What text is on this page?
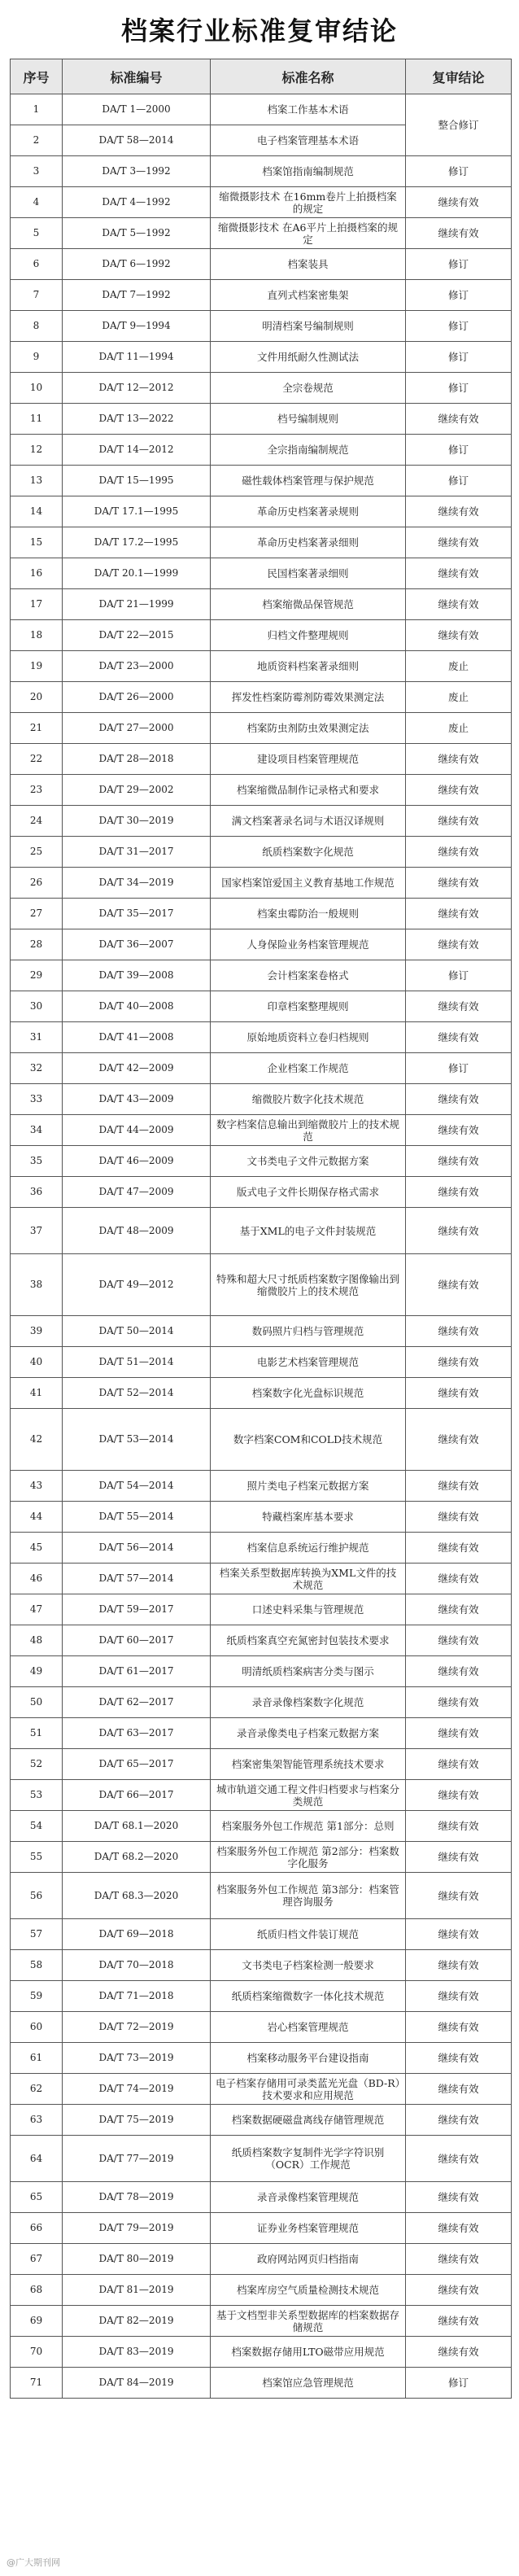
档案行业标准复审结论
序号	标准编号	标准名称	复审结论
1	DA/T 1—2000	档案工作基本术语	整合修订
2	DA/T 58—2014	电子档案管理基本术语	
3	DA/T 3—1992	档案馆指南编制规范	修订
4	DA/T 4—1992	缩微摄影技术 在16mm卷片上拍摄档案的规定	继续有效
5	DA/T 5—1992	缩微摄影技术 在A6平片上拍摄档案的规定	继续有效
6	DA/T 6—1992	档案装具	修订
7	DA/T 7—1992	直列式档案密集架	修订
8	DA/T 9—1994	明清档案号编制规则	修订
9	DA/T 11—1994	文件用纸耐久性测试法	修订
10	DA/T 12—2012	全宗卷规范	修订
11	DA/T 13—2022	档号编制规则	继续有效
12	DA/T 14—2012	全宗指南编制规范	修订
13	DA/T 15—1995	磁性载体档案管理与保护规范	修订
14	DA/T 17.1—1995	革命历史档案著录规则	继续有效
15	DA/T 17.2—1995	革命历史档案著录细则	继续有效
16	DA/T 20.1—1999	民国档案著录细则	继续有效
17	DA/T 21—1999	档案缩微品保管规范	继续有效
18	DA/T 22—2015	归档文件整理规则	继续有效
19	DA/T 23—2000	地质资料档案著录细则	废止
20	DA/T 26—2000	挥发性档案防霉剂防霉效果测定法	废止
21	DA/T 27—2000	档案防虫剂防虫效果测定法	废止
22	DA/T 28—2018	建设项目档案管理规范	继续有效
23	DA/T 29—2002	档案缩微品制作记录格式和要求	继续有效
24	DA/T 30—2019	满文档案著录名词与术语汉译规则	继续有效
25	DA/T 31—2017	纸质档案数字化规范	继续有效
26	DA/T 34—2019	国家档案馆爱国主义教育基地工作规范	继续有效
27	DA/T 35—2017	档案虫霉防治一般规则	继续有效
28	DA/T 36—2007	人身保险业务档案管理规范	继续有效
29	DA/T 39—2008	会计档案案卷格式	修订
30	DA/T 40—2008	印章档案整理规则	继续有效
31	DA/T 41—2008	原始地质资料立卷归档规则	继续有效
32	DA/T 42—2009	企业档案工作规范	修订
33	DA/T 43—2009	缩微胶片数字化技术规范	继续有效
34	DA/T 44—2009	数字档案信息输出到缩微胶片上的技术规范	继续有效
35	DA/T 46—2009	文书类电子文件元数据方案	继续有效
36	DA/T 47—2009	版式电子文件长期保存格式需求	继续有效
37	DA/T 48—2009	基于XML的电子文件封装规范	继续有效
38	DA/T 49—2012	特殊和超大尺寸纸质档案数字图像输出到缩微胶片上的技术规范	继续有效
39	DA/T 50—2014	数码照片归档与管理规范	继续有效
40	DA/T 51—2014	电影艺术档案管理规范	继续有效
41	DA/T 52—2014	档案数字化光盘标识规范	继续有效
42	DA/T 53—2014	数字档案COM和COLD技术规范	继续有效
43	DA/T 54—2014	照片类电子档案元数据方案	继续有效
44	DA/T 55—2014	特藏档案库基本要求	继续有效
45	DA/T 56—2014	档案信息系统运行维护规范	继续有效
46	DA/T 57—2014	档案关系型数据库转换为XML文件的技术规范	继续有效
47	DA/T 59—2017	口述史料采集与管理规范	继续有效
48	DA/T 60—2017	纸质档案真空充氮密封包装技术要求	继续有效
49	DA/T 61—2017	明清纸质档案病害分类与图示	继续有效
50	DA/T 62—2017	录音录像档案数字化规范	继续有效
51	DA/T 63—2017	录音录像类电子档案元数据方案	继续有效
52	DA/T 65—2017	档案密集架智能管理系统技术要求	继续有效
53	DA/T 66—2017	城市轨道交通工程文件归档要求与档案分类规范	继续有效
54	DA/T 68.1—2020	档案服务外包工作规范 第1部分：总则	继续有效
55	DA/T 68.2—2020	档案服务外包工作规范 第2部分：档案数字化服务	继续有效
56	DA/T 68.3—2020	档案服务外包工作规范 第3部分：档案管理咨询服务	继续有效
57	DA/T 69—2018	纸质归档文件装订规范	继续有效
58	DA/T 70—2018	文书类电子档案检测一般要求	继续有效
59	DA/T 71—2018	纸质档案缩微数字一体化技术规范	继续有效
60	DA/T 72—2019	岩心档案管理规范	继续有效
61	DA/T 73—2019	档案移动服务平台建设指南	继续有效
62	DA/T 74—2019	电子档案存储用可录类蓝光光盘（BD-R）技术要求和应用规范	继续有效
63	DA/T 75—2019	档案数据硬磁盘离线存储管理规范	继续有效
64	DA/T 77—2019	纸质档案数字复制件光学字符识别（OCR）工作规范	继续有效
65	DA/T 78—2019	录音录像档案管理规范	继续有效
66	DA/T 79—2019	证券业务档案管理规范	继续有效
67	DA/T 80—2019	政府网站网页归档指南	继续有效
68	DA/T 81—2019	档案库房空气质量检测技术规范	继续有效
69	DA/T 82—2019	基于文档型非关系型数据库的档案数据存储规范	继续有效
70	DA/T 83—2019	档案数据存储用LTO磁带应用规范	继续有效
71	DA/T 84—2019	档案馆应急管理规范	修订
@广大期刊网
